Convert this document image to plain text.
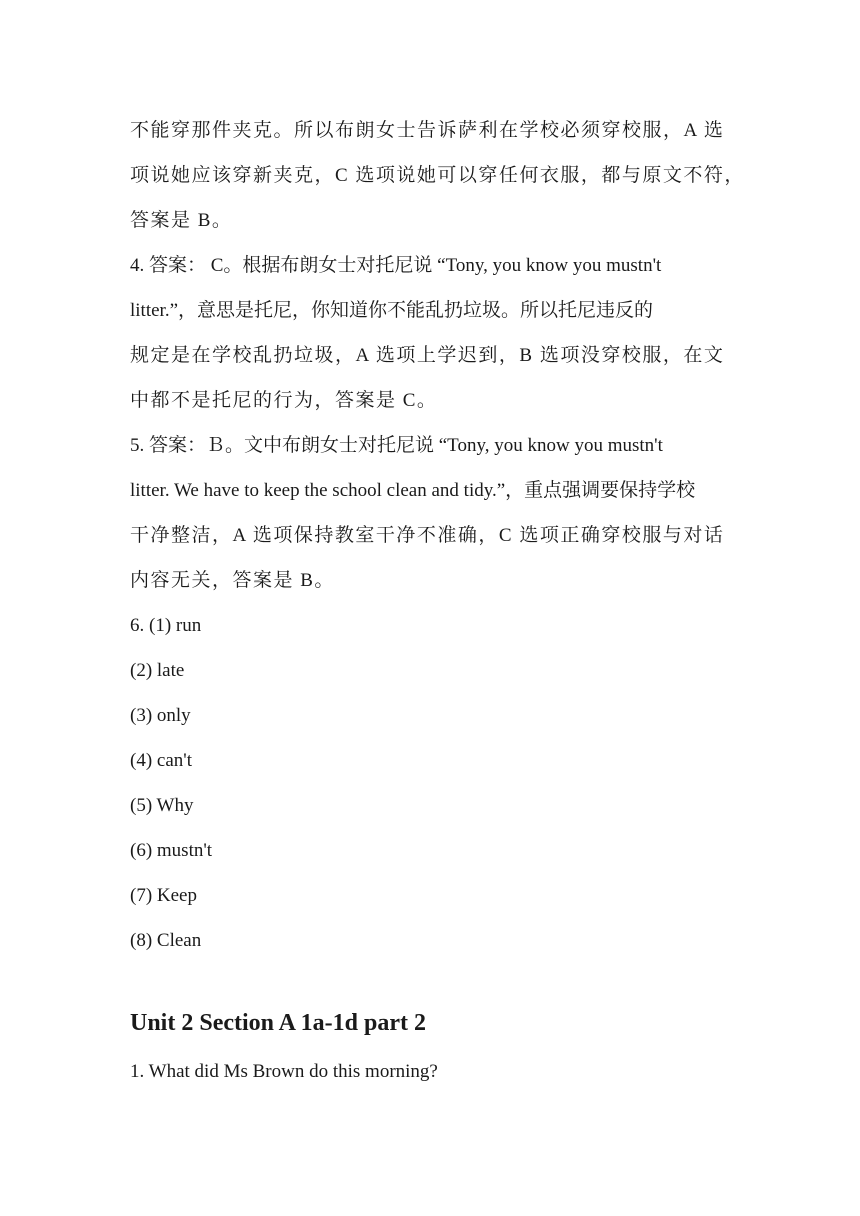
不能穿那件夹克。所以布朗女士告诉萨利在学校必须穿校服，A 选

项说她应该穿新夹克，C 选项说她可以穿任何衣服，都与原文不符，

答案是 B。

4. 答案： C。根据布朗女士对托尼说 “Tony, you know you mustn't

litter.”，意思是托尼，你知道你不能乱扔垃圾。所以托尼违反的

规定是在学校乱扔垃圾，A 选项上学迟到，B 选项没穿校服，在文

中都不是托尼的行为，答案是 C。

5. 答案：Ｂ。文中布朗女士对托尼说 “Tony, you know you mustn't

litter. We have to keep the school clean and tidy.”，重点强调要保持学校

干净整洁，A 选项保持教室干净不准确，C 选项正确穿校服与对话

内容无关，答案是 B。

6. (1) run

(2) late

(3) only

(4) can't

(5) Why

(6) mustn't

(7) Keep

(8) Clean

Unit 2 Section A 1a-1d part 2

1. What did Ms Brown do this morning?
